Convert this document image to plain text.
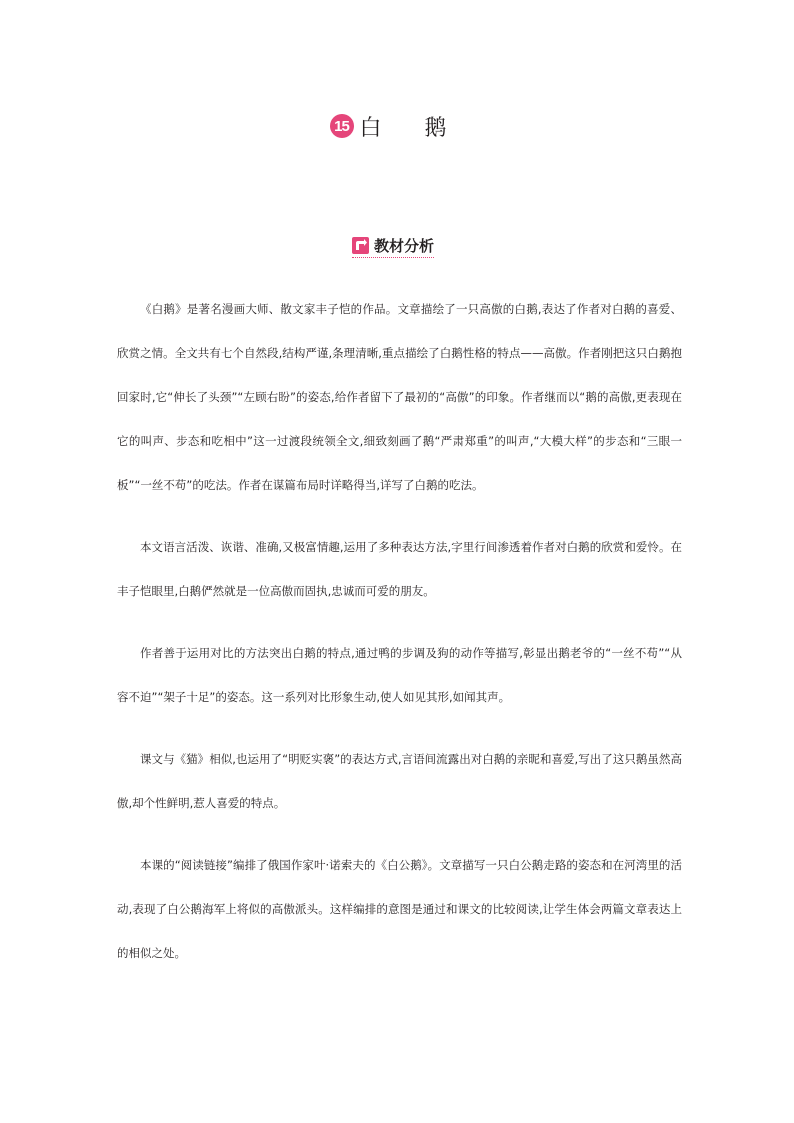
15 白 鹅
教材分析

《白鹅》是著名漫画大师、散文家丰子恺的作品。文章描绘了一只高傲的白鹅,表达了作者对白鹅的喜爱、欣赏之情。全文共有七个自然段,结构严谨,条理清晰,重点描绘了白鹅性格的特点——高傲。作者刚把这只白鹅抱回家时,它“伸长了头颈”“左顾右盼”的姿态,给作者留下了最初的“高傲”的印象。作者继而以“鹅的高傲,更表现在它的叫声、步态和吃相中”这一过渡段统领全文,细致刻画了鹅“严肃郑重”的叫声,“大模大样”的步态和“三眼一板”“一丝不苟”的吃法。作者在谋篇布局时详略得当,详写了白鹅的吃法。

本文语言活泼、诙谐、准确,又极富情趣,运用了多种表达方法,字里行间渗透着作者对白鹅的欣赏和爱怜。在丰子恺眼里,白鹅俨然就是一位高傲而固执,忠诚而可爱的朋友。

作者善于运用对比的方法突出白鹅的特点,通过鸭的步调及狗的动作等描写,彰显出鹅老爷的“一丝不苟”“从容不迫”“架子十足”的姿态。这一系列对比形象生动,使人如见其形,如闻其声。

课文与《猫》相似,也运用了“明贬实褒”的表达方式,言语间流露出对白鹅的亲昵和喜爱,写出了这只鹅虽然高傲,却个性鲜明,惹人喜爱的特点。

本课的“阅读链接”编排了俄国作家叶·诺索夫的《白公鹅》。文章描写一只白公鹅走路的姿态和在河湾里的活动,表现了白公鹅海军上将似的高傲派头。这样编排的意图是通过和课文的比较阅读,让学生体会两篇文章表达上的相似之处。
